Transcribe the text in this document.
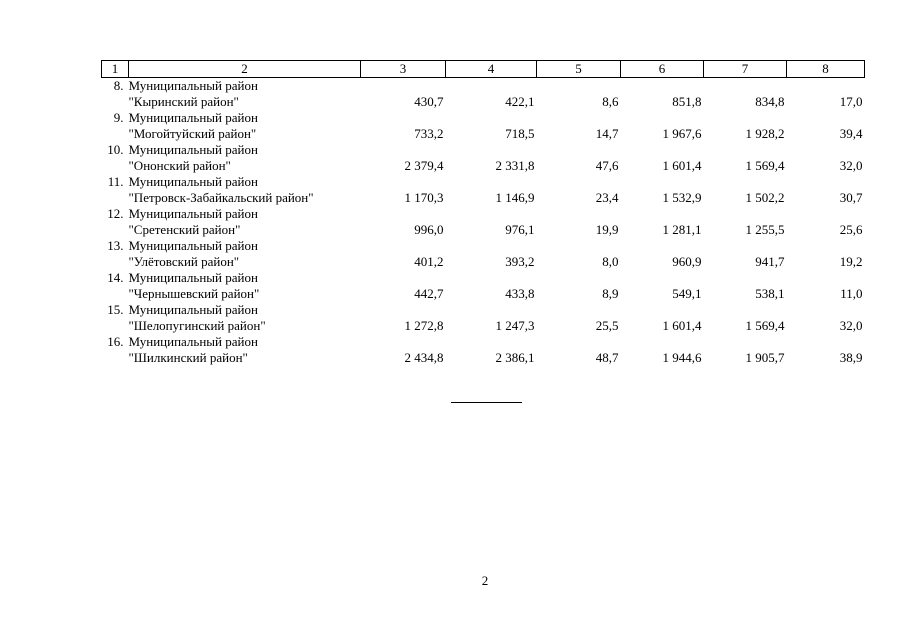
1	2	3	4	5	6	7	8
8.	Муниципальный район						
	"Кыринский район"	430,7	422,1	8,6	851,8	834,8	17,0
9.	Муниципальный район						
	"Могойтуйский район"	733,2	718,5	14,7	1 967,6	1 928,2	39,4
10.	Муниципальный район						
	"Ононский район"	2 379,4	2 331,8	47,6	1 601,4	1 569,4	32,0
11.	Муниципальный район						
	"Петровск-Забайкальский район"	1 170,3	1 146,9	23,4	1 532,9	1 502,2	30,7
12.	Муниципальный район						
	"Сретенский район"	996,0	976,1	19,9	1 281,1	1 255,5	25,6
13.	Муниципальный район						
	"Улётовский район"	401,2	393,2	8,0	960,9	941,7	19,2
14.	Муниципальный район						
	"Чернышевский район"	442,7	433,8	8,9	549,1	538,1	11,0
15.	Муниципальный район						
	"Шелопугинский район"	1 272,8	1 247,3	25,5	1 601,4	1 569,4	32,0
16.	Муниципальный район						
	"Шилкинский район"	2 434,8	2 386,1	48,7	1 944,6	1 905,7	38,9
2
